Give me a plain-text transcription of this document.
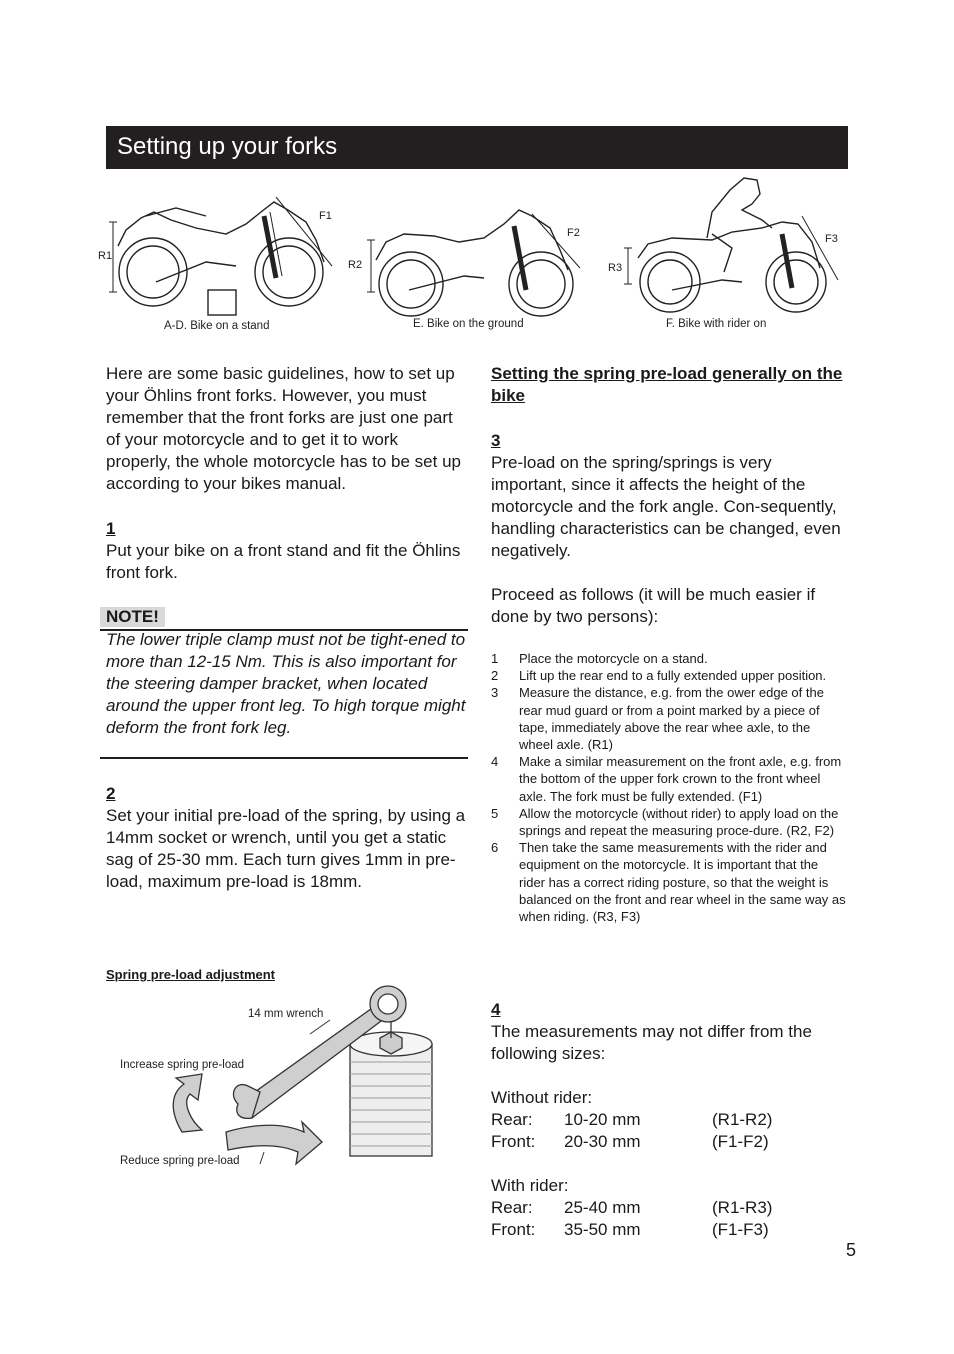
Setting up your forks
R1
F1
A-D. Bike on a stand
R2
F2
E. Bike on the ground
R3
F3
F. Bike with rider on
Here are some basic guidelines, how to set up your Öhlins front forks. However, you must remember that the front forks are just one part of your motorcycle and to get it to work properly, the whole motorcycle has to be set up according to your bikes manual.
1
Put your bike on a front stand and fit the Öhlins front fork.
NOTE!
The lower triple clamp must not be tight-ened to more than 12-15 Nm. This is also important for the steering damper bracket, when located around the upper front leg. To high torque might deform the front fork leg.
2
Set your initial pre-load of the spring, by using a 14mm socket or wrench, until you get a static sag of 25-30 mm. Each turn gives 1mm in pre-load, maximum pre-load is 18mm.
Spring pre-load adjustment
14 mm wrench
Increase spring pre-load
Reduce spring pre-load
Setting the spring pre-load generally on the bike
3
Pre-load on the spring/springs is very important, since it affects the height of the motorcycle and the fork angle. Con-sequently, handling characteristics can be changed, even negatively.
Proceed as follows (it will be much easier if done by two persons):
1	Place the motorcycle on a stand.
2	Lift up the rear end to a fully extended upper position.
3	Measure the distance, e.g. from the ower edge of the rear mud guard or from a point marked by a piece of tape, immediately above the rear whee axle, to the wheel axle. (R1)
4	Make a similar measurement on the front axle, e.g. from the bottom of the upper fork crown to the front wheel axle. The fork must be fully extended. (F1)
5	Allow the motorcycle (without rider) to apply load on the springs and repeat the measuring proce-dure. (R2, F2)
6	Then take the same measurements with the rider and equipment on the motorcycle. It is important that the rider has a correct riding posture, so that the weight is balanced on the front and rear wheel in the same way as when riding. (R3, F3)
4
The measurements may not differ from the following sizes:
Without rider:
Rear: 10-20 mm	(R1-R2)
Front: 20-30 mm	(F1-F2)
With rider:
Rear: 25-40 mm	(R1-R3)
Front: 35-50 mm	(F1-F3)
5
